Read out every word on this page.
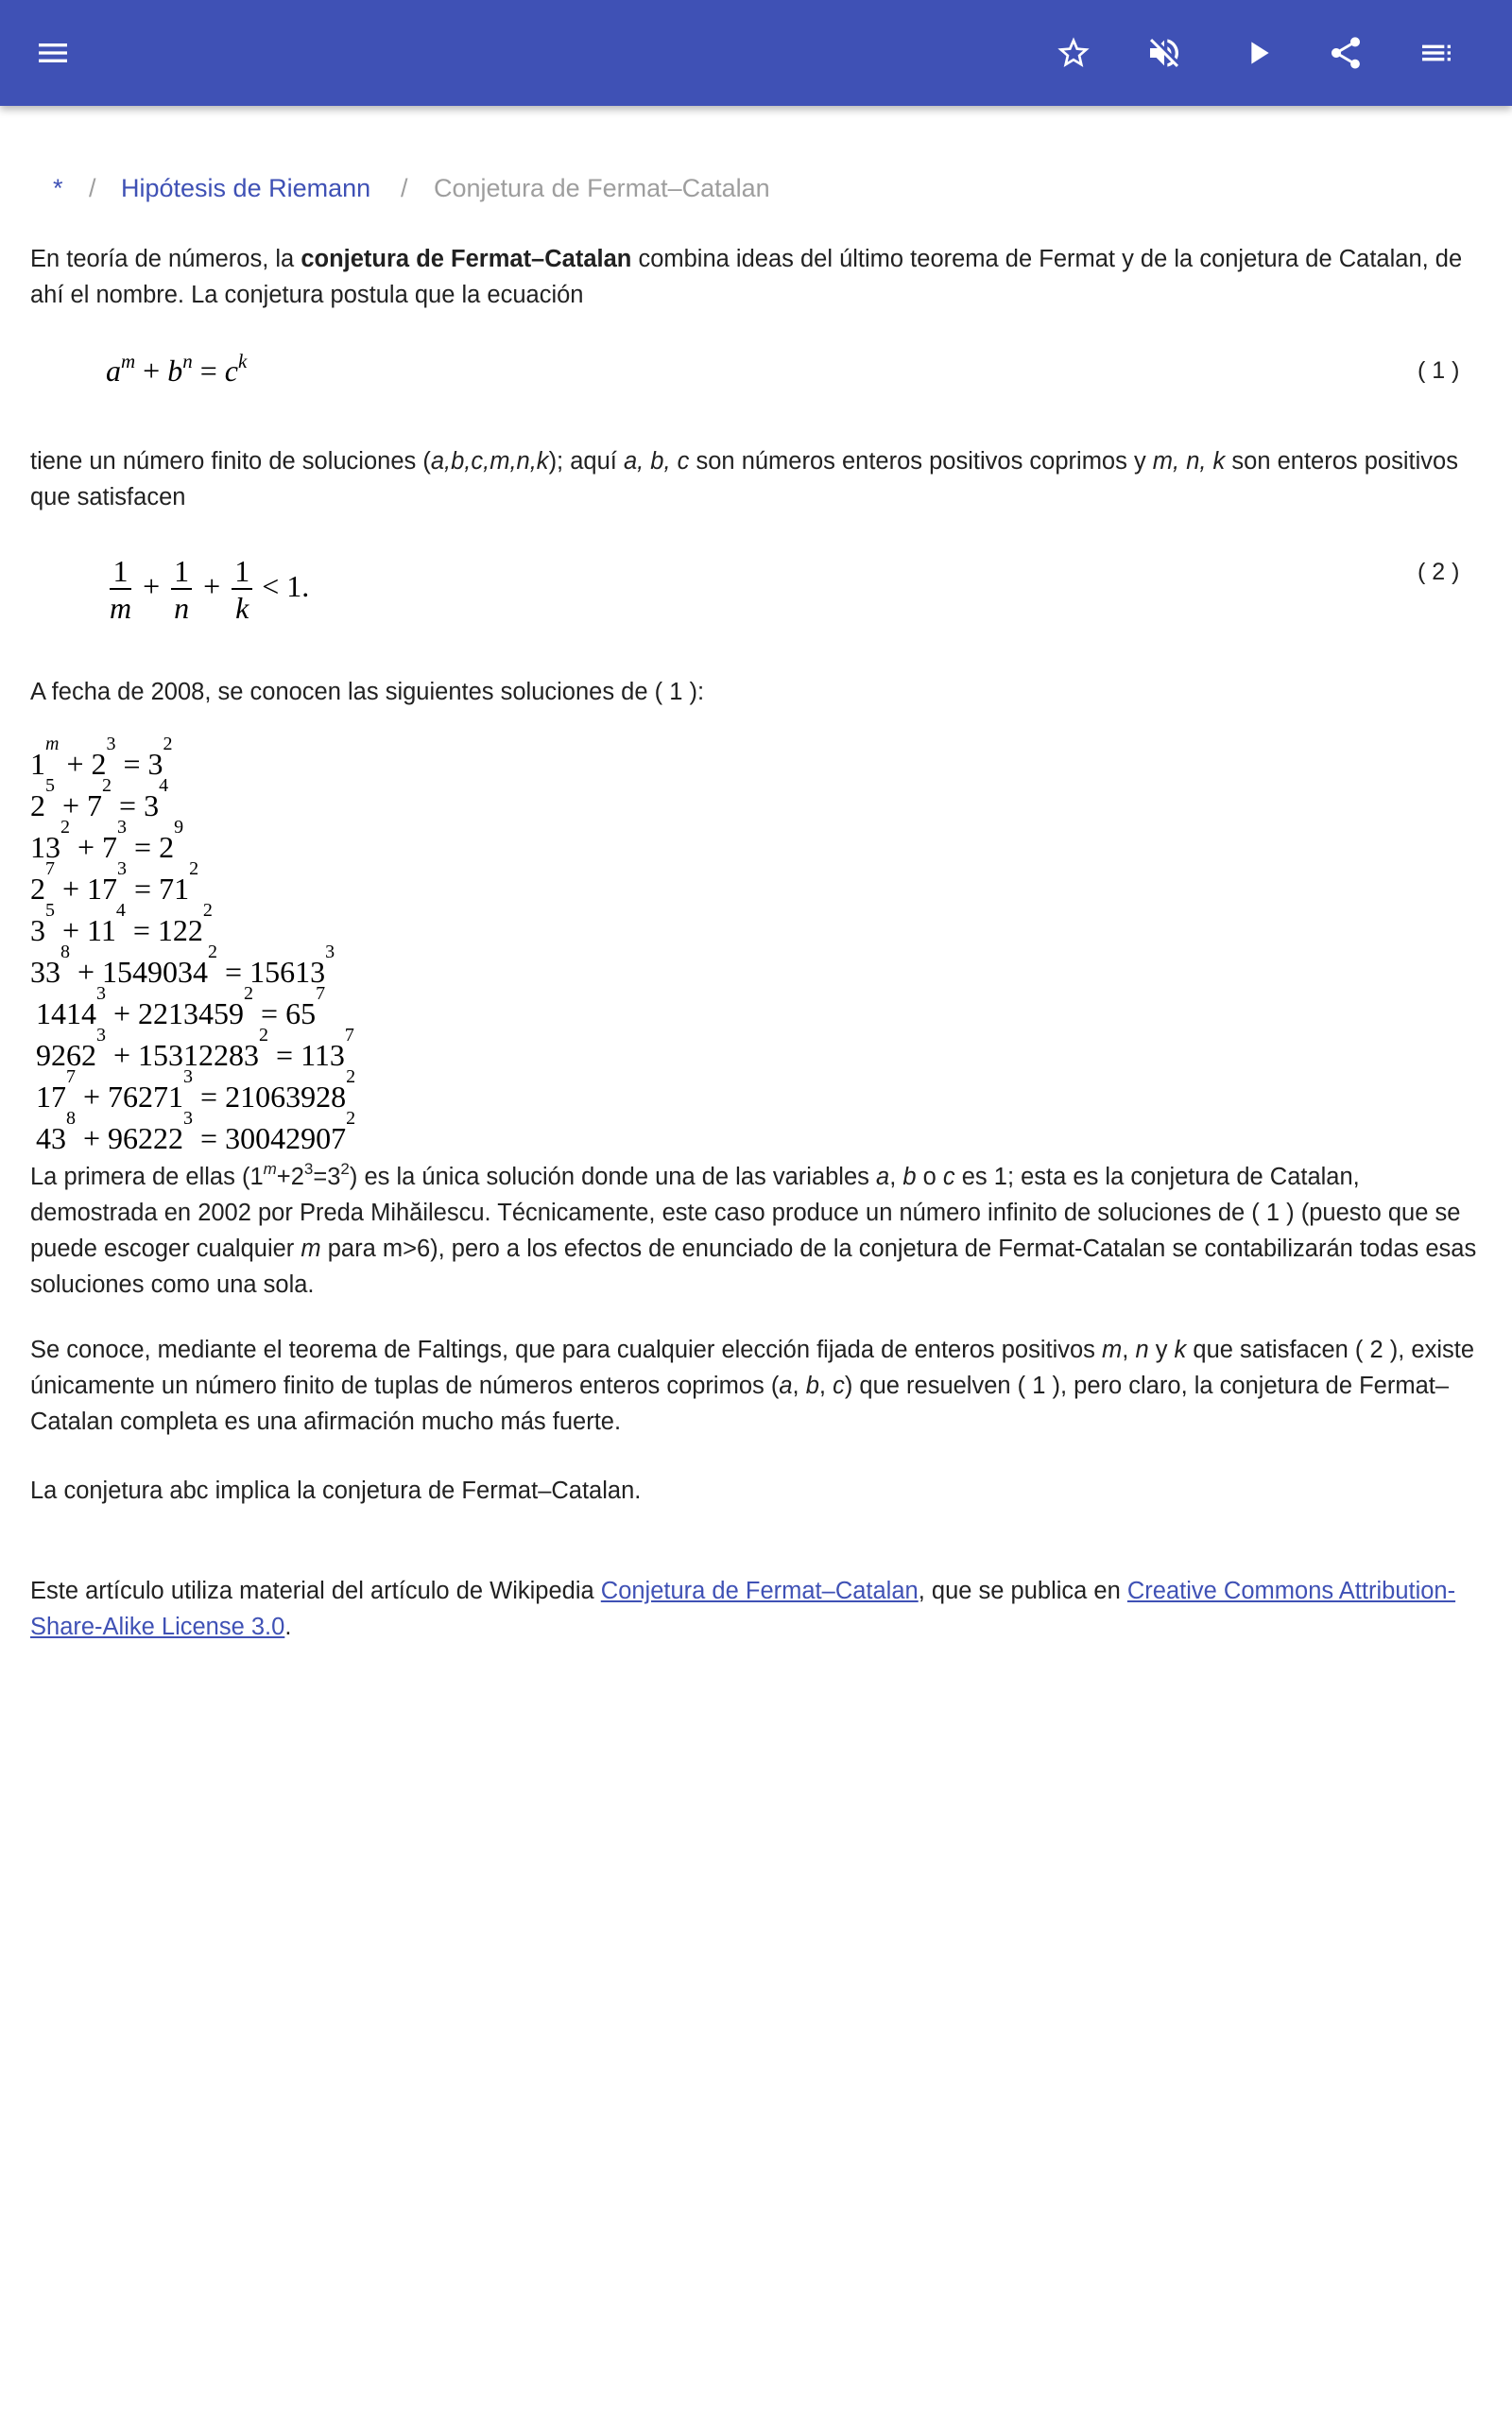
* / Hipótesis de Riemann / Conjetura de Fermat–Catalan
En teoría de números, la conjetura de Fermat–Catalan combina ideas del último teorema de Fermat y de la conjetura de Catalan, de ahí el nombre. La conjetura postula que la ecuación
$a^m + b^n = c^k$	( 1 )
tiene un número finito de soluciones (a,b,c,m,n,k); aquí a, b, c son números enteros positivos coprimos y m, n, k son enteros positivos que satisfacen
$\frac{1}{m} + \frac{1}{n} + \frac{1}{k} < 1$.	( 2 )
A fecha de 2008, se conocen las siguientes soluciones de ( 1 ):
$1^m+ 2^3= 3^2$
$2^5+ 7^2= 3^4$
$13^2+ 7^3= 2^9$
$2^7+ 17^3= 71^2$
$3^5+ 11^4= 122^2$
$33^8+ 1549034^2= 15613^3$
$1414^3+ 2213459^2= 65^7$
$9262^3+ 15312283^2= 113^7$
$17^7+ 76271^3= 21063928^2$
$43^8+ 96222^3= 30042907^2$
La primera de ellas $(1^m+2^3=3^2)$ es la única solución donde una de las variables a, b o c es 1; esta es la conjetura de Catalan, demostrada en 2002 por Preda Mihăilescu. Técnicamente, este caso produce un número infinito de soluciones de ( 1 ) (puesto que se puede escoger cualquier m para m>6), pero a los efectos de enunciado de la conjetura de Fermat-Catalan se contabilizarán todas esas soluciones como una sola.
Se conoce, mediante el teorema de Faltings, que para cualquier elección fijada de enteros positivos m, n y k que satisfacen ( 2 ), existe únicamente un número finito de tuplas de números enteros coprimos (a, b, c) que resuelven ( 1 ), pero claro, la conjetura de Fermat–Catalan completa es una afirmación mucho más fuerte.
La conjetura abc implica la conjetura de Fermat–Catalan.
Este artículo utiliza material del artículo de Wikipedia Conjetura de Fermat–Catalan, que se publica en Creative Commons Attribution-Share-Alike License 3.0.
